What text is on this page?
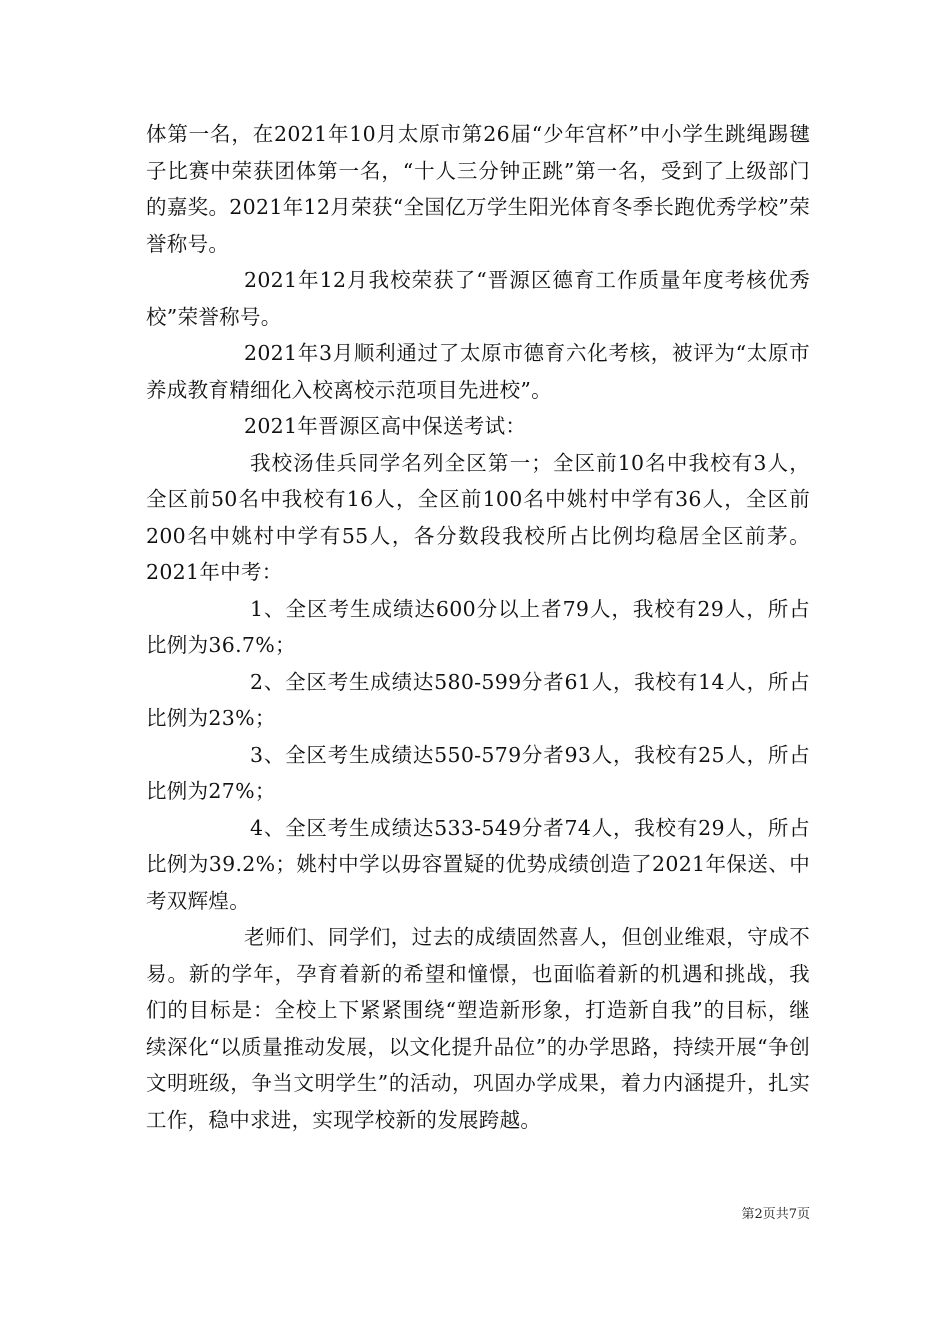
体第一名，在2021年10月太原市第26届“少年宫杯”中小学生跳绳踢毽子比赛中荣获团体第一名，“十人三分钟正跳”第一名，受到了上级部门的嘉奖。2021年12月荣获“全国亿万学生阳光体育冬季长跑优秀学校”荣誉称号。

2021年12月我校荣获了“晋源区德育工作质量年度考核优秀校”荣誉称号。

2021年3月顺利通过了太原市德育六化考核，被评为“太原市养成教育精细化入校离校示范项目先进校”。

2021年晋源区高中保送考试：

我校汤佳兵同学名列全区第一；全区前10名中我校有3人，全区前50名中我校有16人，全区前100名中姚村中学有36人，全区前200名中姚村中学有55人，各分数段我校所占比例均稳居全区前茅。2021年中考：

1、全区考生成绩达600分以上者79人，我校有29人，所占比例为36.7%；

2、全区考生成绩达580-599分者61人，我校有14人，所占比例为23%；

3、全区考生成绩达550-579分者93人，我校有25人，所占比例为27%；

4、全区考生成绩达533-549分者74人，我校有29人，所占比例为39.2%；姚村中学以毋容置疑的优势成绩创造了2021年保送、中考双辉煌。

老师们、同学们，过去的成绩固然喜人，但创业维艰，守成不易。新的学年，孕育着新的希望和憧憬，也面临着新的机遇和挑战，我们的目标是：全校上下紧紧围绕“塑造新形象，打造新自我”的目标，继续深化“以质量推动发展，以文化提升品位”的办学思路，持续开展“争创文明班级，争当文明学生”的活动，巩固办学成果，着力内涵提升，扎实工作，稳中求进，实现学校新的发展跨越。

第2页共7页
